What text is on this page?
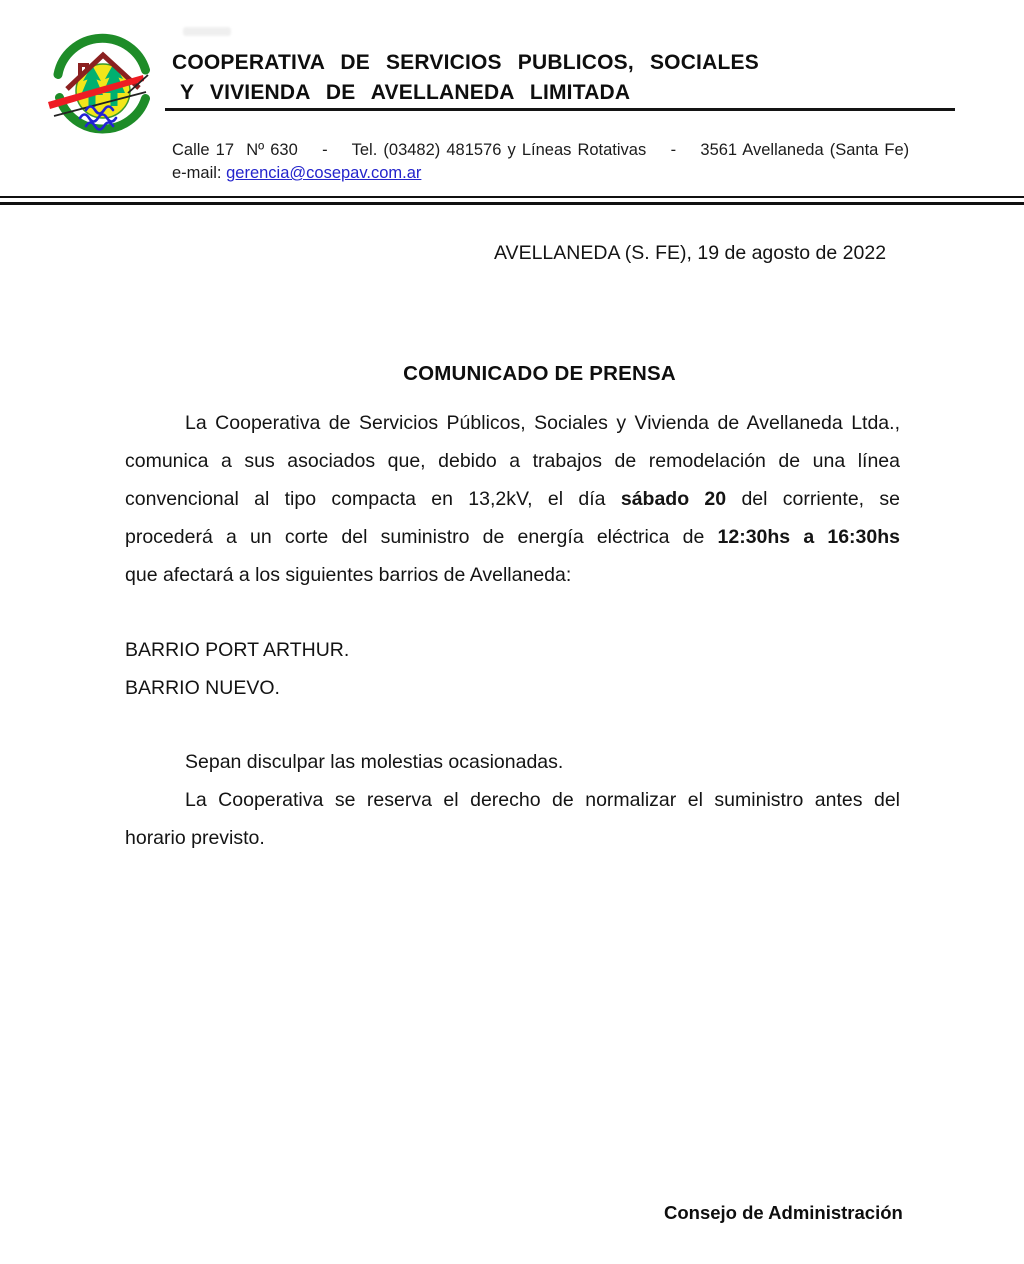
COOPERATIVA DE SERVICIOS PUBLICOS, SOCIALES
Y VIVIENDA DE AVELLANEDA LIMITADA
Calle 17  Nº 630    -    Tel. (03482) 481576 y Líneas Rotativas    -    3561 Avellaneda (Santa Fe)
e-mail: gerencia@cosepav.com.ar
AVELLANEDA (S. FE), 19 de agosto de 2022
COMUNICADO DE PRENSA
La Cooperativa de Servicios Públicos, Sociales y Vivienda de Avellaneda Ltda.,
comunica a sus asociados que, debido a trabajos de remodelación de una línea
convencional al tipo compacta en 13,2kV, el día sábado 20 del corriente, se
procederá a un corte del suministro de energía eléctrica de 12:30hs a 16:30hs
que afectará a los siguientes barrios de Avellaneda:
BARRIO PORT ARTHUR.
BARRIO NUEVO.
Sepan disculpar las molestias ocasionadas.
La Cooperativa se reserva el derecho de normalizar el suministro antes del
horario previsto.
Consejo de Administración
